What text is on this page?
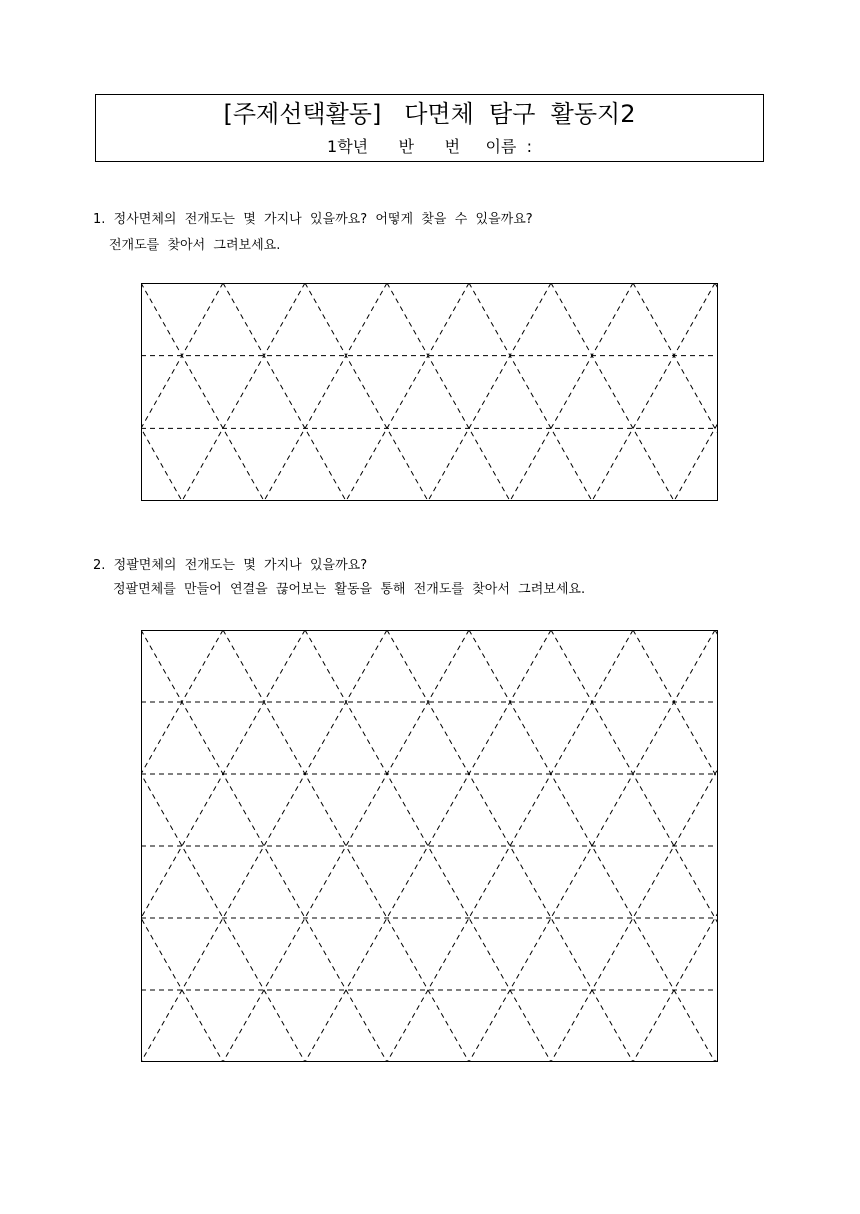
[주제선택활동]   다면체  탐구  활동지2
1학년      반      번     이름  :
1.  정사면체의  전개도는  몇  가지나  있을까요?  어떻게  찾을  수  있을까요?
전개도를  찾아서  그려보세요.
2.  정팔면체의  전개도는  몇  가지나  있을까요?
정팔면체를  만들어  연결을  끊어보는  활동을  통해  전개도를  찾아서  그려보세요.
